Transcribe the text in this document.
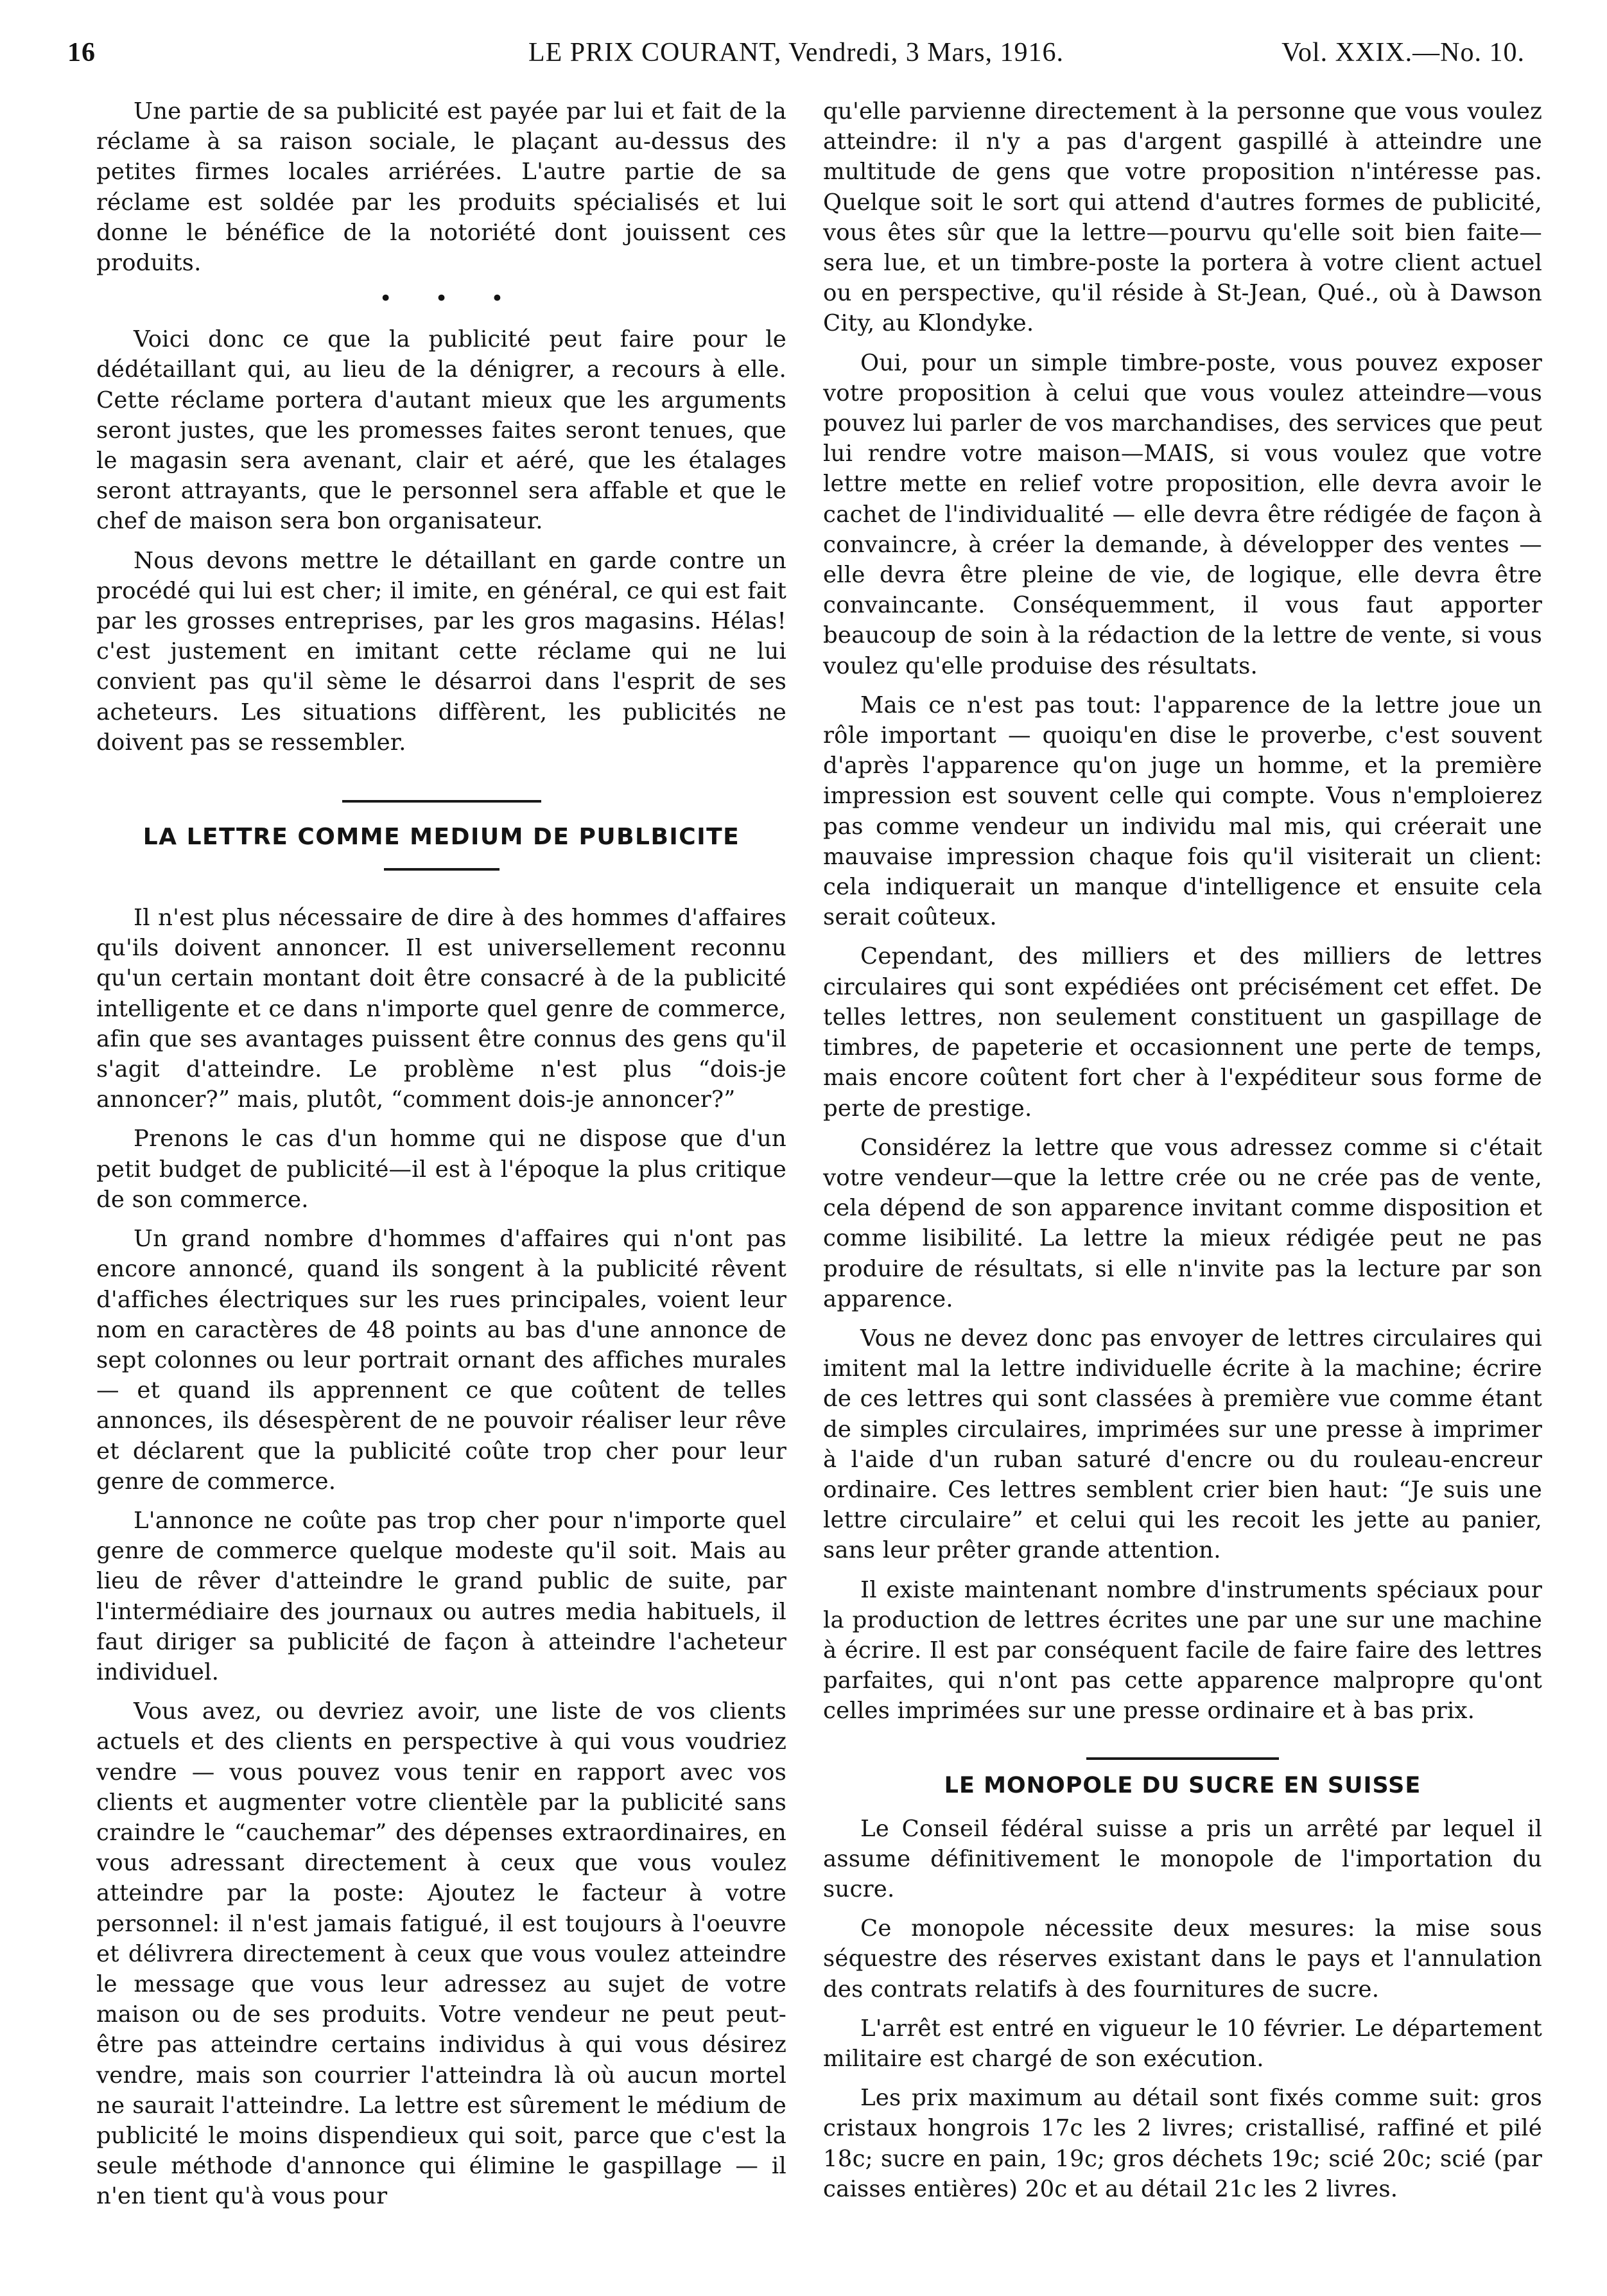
16	LE PRIX COURANT, Vendredi, 3 Mars, 1916.	Vol. XXIX.—No. 10.

Une partie de sa publicité est payée par lui et fait de la réclame à sa raison sociale, le plaçant au-dessus des petites firmes locales arriérées. L'autre partie de sa réclame est soldée par les produits spécialisés et lui donne le bénéfice de la notoriété dont jouissent ces produits.

• • •

Voici donc ce que la publicité peut faire pour le dédétaillant qui, au lieu de la dénigrer, a recours à elle. Cette réclame portera d'autant mieux que les arguments seront justes, que les promesses faites seront tenues, que le magasin sera avenant, clair et aéré, que les étalages seront attrayants, que le personnel sera affable et que le chef de maison sera bon organisateur.

Nous devons mettre le détaillant en garde contre un procédé qui lui est cher; il imite, en général, ce qui est fait par les grosses entreprises, par les gros magasins. Hélas! c'est justement en imitant cette réclame qui ne lui convient pas qu'il sème le désarroi dans l'esprit de ses acheteurs. Les situations diffèrent, les publicités ne doivent pas se ressembler.

LA LETTRE COMME MEDIUM DE PUBLBICITE

Il n'est plus nécessaire de dire à des hommes d'affaires qu'ils doivent annoncer. Il est universellement reconnu qu'un certain montant doit être consacré à de la publicité intelligente et ce dans n'importe quel genre de commerce, afin que ses avantages puissent être connus des gens qu'il s'agit d'atteindre. Le problème n'est plus “dois-je annoncer?” mais, plutôt, “comment dois-je annoncer?”

Prenons le cas d'un homme qui ne dispose que d'un petit budget de publicité—il est à l'époque la plus critique de son commerce.

Un grand nombre d'hommes d'affaires qui n'ont pas encore annoncé, quand ils songent à la publicité rêvent d'affiches électriques sur les rues principales, voient leur nom en caractères de 48 points au bas d'une annonce de sept colonnes ou leur portrait ornant des affiches murales — et quand ils apprennent ce que coûtent de telles annonces, ils désespèrent de ne pouvoir réaliser leur rêve et déclarent que la publicité coûte trop cher pour leur genre de commerce.

L'annonce ne coûte pas trop cher pour n'importe quel genre de commerce quelque modeste qu'il soit. Mais au lieu de rêver d'atteindre le grand public de suite, par l'intermédiaire des journaux ou autres media habituels, il faut diriger sa publicité de façon à atteindre l'acheteur individuel.

Vous avez, ou devriez avoir, une liste de vos clients actuels et des clients en perspective à qui vous voudriez vendre — vous pouvez vous tenir en rapport avec vos clients et augmenter votre clientèle par la publicité sans craindre le “cauchemar” des dépenses extraordinaires, en vous adressant directement à ceux que vous voulez atteindre par la poste: Ajoutez le facteur à votre personnel: il n'est jamais fatigué, il est toujours à l'oeuvre et délivrera directement à ceux que vous voulez atteindre le message que vous leur adressez au sujet de votre maison ou de ses produits. Votre vendeur ne peut peut-être pas atteindre certains individus à qui vous désirez vendre, mais son courrier l'atteindra là où aucun mortel ne saurait l'atteindre. La lettre est sûrement le médium de publicité le moins dispendieux qui soit, parce que c'est la seule méthode d'annonce qui élimine le gaspillage — il n'en tient qu'à vous pour

qu'elle parvienne directement à la personne que vous voulez atteindre: il n'y a pas d'argent gaspillé à atteindre une multitude de gens que votre proposition n'intéresse pas. Quelque soit le sort qui attend d'autres formes de publicité, vous êtes sûr que la lettre—pourvu qu'elle soit bien faite— sera lue, et un timbre-poste la portera à votre client actuel ou en perspective, qu'il réside à St-Jean, Qué., où à Dawson City, au Klondyke.

Oui, pour un simple timbre-poste, vous pouvez exposer votre proposition à celui que vous voulez atteindre—vous pouvez lui parler de vos marchandises, des services que peut lui rendre votre maison—MAIS, si vous voulez que votre lettre mette en relief votre proposition, elle devra avoir le cachet de l'individualité — elle devra être rédigée de façon à convaincre, à créer la demande, à développer des ventes — elle devra être pleine de vie, de logique, elle devra être convaincante. Conséquemment, il vous faut apporter beaucoup de soin à la rédaction de la lettre de vente, si vous voulez qu'elle produise des résultats.

Mais ce n'est pas tout: l'apparence de la lettre joue un rôle important — quoiqu'en dise le proverbe, c'est souvent d'après l'apparence qu'on juge un homme, et la première impression est souvent celle qui compte. Vous n'emploierez pas comme vendeur un individu mal mis, qui créerait une mauvaise impression chaque fois qu'il visiterait un client: cela indiquerait un manque d'intelligence et ensuite cela serait coûteux.

Cependant, des milliers et des milliers de lettres circulaires qui sont expédiées ont précisément cet effet. De telles lettres, non seulement constituent un gaspillage de timbres, de papeterie et occasionnent une perte de temps, mais encore coûtent fort cher à l'expéditeur sous forme de perte de prestige.

Considérez la lettre que vous adressez comme si c'était votre vendeur—que la lettre crée ou ne crée pas de vente, cela dépend de son apparence invitant comme disposition et comme lisibilité. La lettre la mieux rédigée peut ne pas produire de résultats, si elle n'invite pas la lecture par son apparence.

Vous ne devez donc pas envoyer de lettres circulaires qui imitent mal la lettre individuelle écrite à la machine; écrire de ces lettres qui sont classées à première vue comme étant de simples circulaires, imprimées sur une presse à imprimer à l'aide d'un ruban saturé d'encre ou du rouleau-encreur ordinaire. Ces lettres semblent crier bien haut: “Je suis une lettre circulaire” et celui qui les recoit les jette au panier, sans leur prêter grande attention.

Il existe maintenant nombre d'instruments spéciaux pour la production de lettres écrites une par une sur une machine à écrire. Il est par conséquent facile de faire faire des lettres parfaites, qui n'ont pas cette apparence malpropre qu'ont celles imprimées sur une presse ordinaire et à bas prix.

LE MONOPOLE DU SUCRE EN SUISSE

Le Conseil fédéral suisse a pris un arrêté par lequel il assume définitivement le monopole de l'importation du sucre.

Ce monopole nécessite deux mesures: la mise sous séquestre des réserves existant dans le pays et l'annulation des contrats relatifs à des fournitures de sucre.

L'arrêt est entré en vigueur le 10 février. Le département militaire est chargé de son exécution.

Les prix maximum au détail sont fixés comme suit: gros cristaux hongrois 17c les 2 livres; cristallisé, raffiné et pilé 18c; sucre en pain, 19c; gros déchets 19c; scié 20c; scié (par caisses entières) 20c et au détail 21c les 2 livres.
